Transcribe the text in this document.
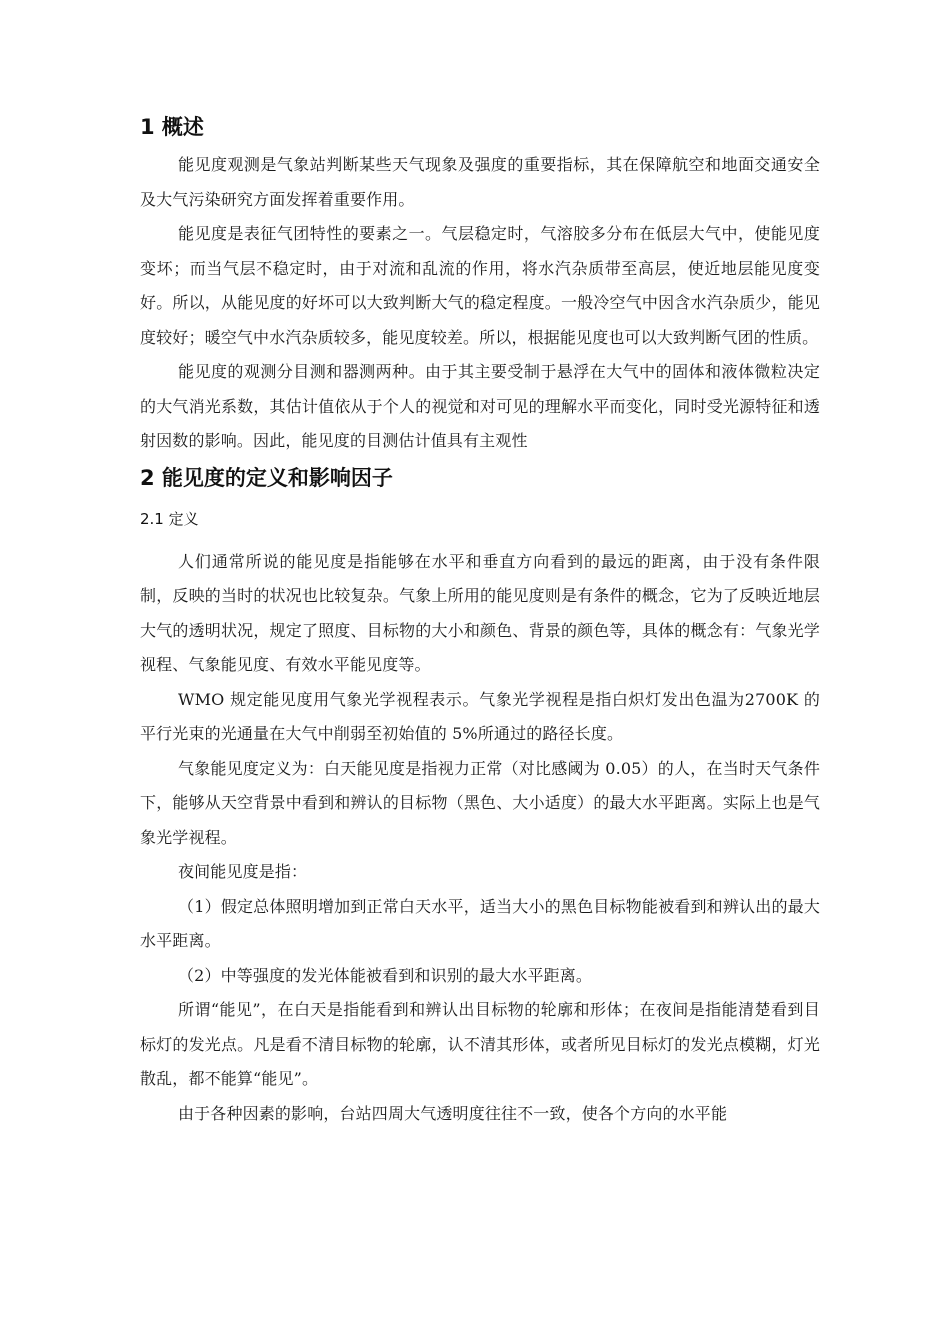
1 概述

能见度观测是气象站判断某些天气现象及强度的重要指标，其在保障航空和地面交通安全及大气污染研究方面发挥着重要作用。

能见度是表征气团特性的要素之一。气层稳定时，气溶胶多分布在低层大气中，使能见度变坏；而当气层不稳定时，由于对流和乱流的作用，将水汽杂质带至高层，使近地层能见度变好。所以，从能见度的好坏可以大致判断大气的稳定程度。一般冷空气中因含水汽杂质少，能见度较好；暖空气中水汽杂质较多，能见度较差。所以，根据能见度也可以大致判断气团的性质。

能见度的观测分目测和器测两种。由于其主要受制于悬浮在大气中的固体和液体微粒决定的大气消光系数，其估计值依从于个人的视觉和对可见的理解水平而变化，同时受光源特征和透射因数的影响。因此，能见度的目测估计值具有主观性

2 能见度的定义和影响因子
2.1 定义

人们通常所说的能见度是指能够在水平和垂直方向看到的最远的距离，由于没有条件限制，反映的当时的状况也比较复杂。气象上所用的能见度则是有条件的概念，它为了反映近地层大气的透明状况，规定了照度、目标物的大小和颜色、背景的颜色等，具体的概念有：气象光学视程、气象能见度、有效水平能见度等。

WMO 规定能见度用气象光学视程表示。气象光学视程是指白炽灯发出色温为2700K 的平行光束的光通量在大气中削弱至初始值的 5%所通过的路径长度。

气象能见度定义为：白天能见度是指视力正常（对比感阈为 0.05）的人，在当时天气条件下，能够从天空背景中看到和辨认的目标物（黑色、大小适度）的最大水平距离。实际上也是气象光学视程。

夜间能见度是指：

（1）假定总体照明增加到正常白天水平，适当大小的黑色目标物能被看到和辨认出的最大水平距离。

（2）中等强度的发光体能被看到和识别的最大水平距离。

所谓“能见”，在白天是指能看到和辨认出目标物的轮廓和形体；在夜间是指能清楚看到目标灯的发光点。凡是看不清目标物的轮廓，认不清其形体，或者所见目标灯的发光点模糊，灯光散乱，都不能算“能见”。

由于各种因素的影响，台站四周大气透明度往往不一致，使各个方向的水平能
